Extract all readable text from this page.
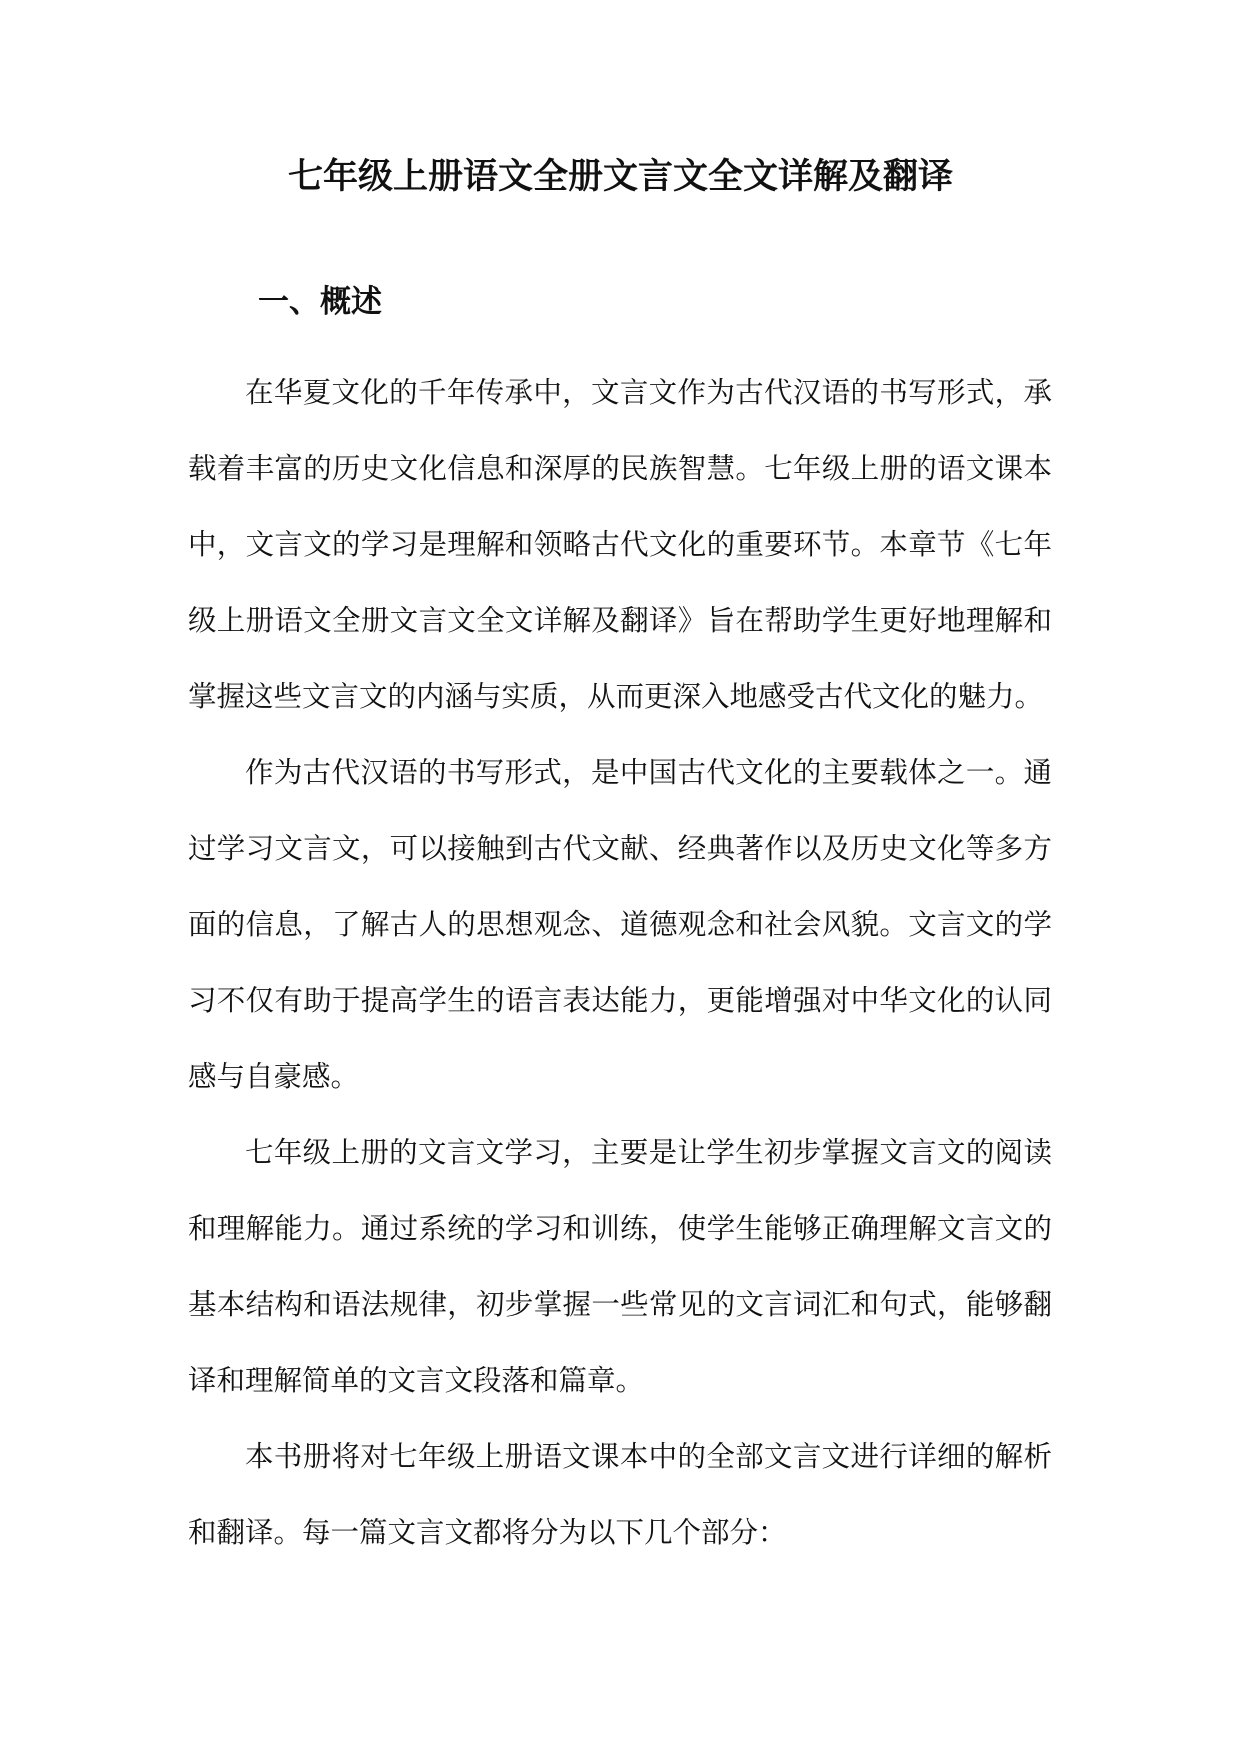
七年级上册语文全册文言文全文详解及翻译
一、概述

在华夏文化的千年传承中，文言文作为古代汉语的书写形式，承载着丰富的历史文化信息和深厚的民族智慧。七年级上册的语文课本中，文言文的学习是理解和领略古代文化的重要环节。本章节《七年级上册语文全册文言文全文详解及翻译》旨在帮助学生更好地理解和掌握这些文言文的内涵与实质，从而更深入地感受古代文化的魅力。

作为古代汉语的书写形式，是中国古代文化的主要载体之一。通过学习文言文，可以接触到古代文献、经典著作以及历史文化等多方面的信息，了解古人的思想观念、道德观念和社会风貌。文言文的学习不仅有助于提高学生的语言表达能力，更能增强对中华文化的认同感与自豪感。

七年级上册的文言文学习，主要是让学生初步掌握文言文的阅读和理解能力。通过系统的学习和训练，使学生能够正确理解文言文的基本结构和语法规律，初步掌握一些常见的文言词汇和句式，能够翻译和理解简单的文言文段落和篇章。

本书册将对七年级上册语文课本中的全部文言文进行详细的解析和翻译。每一篇文言文都将分为以下几个部分：
